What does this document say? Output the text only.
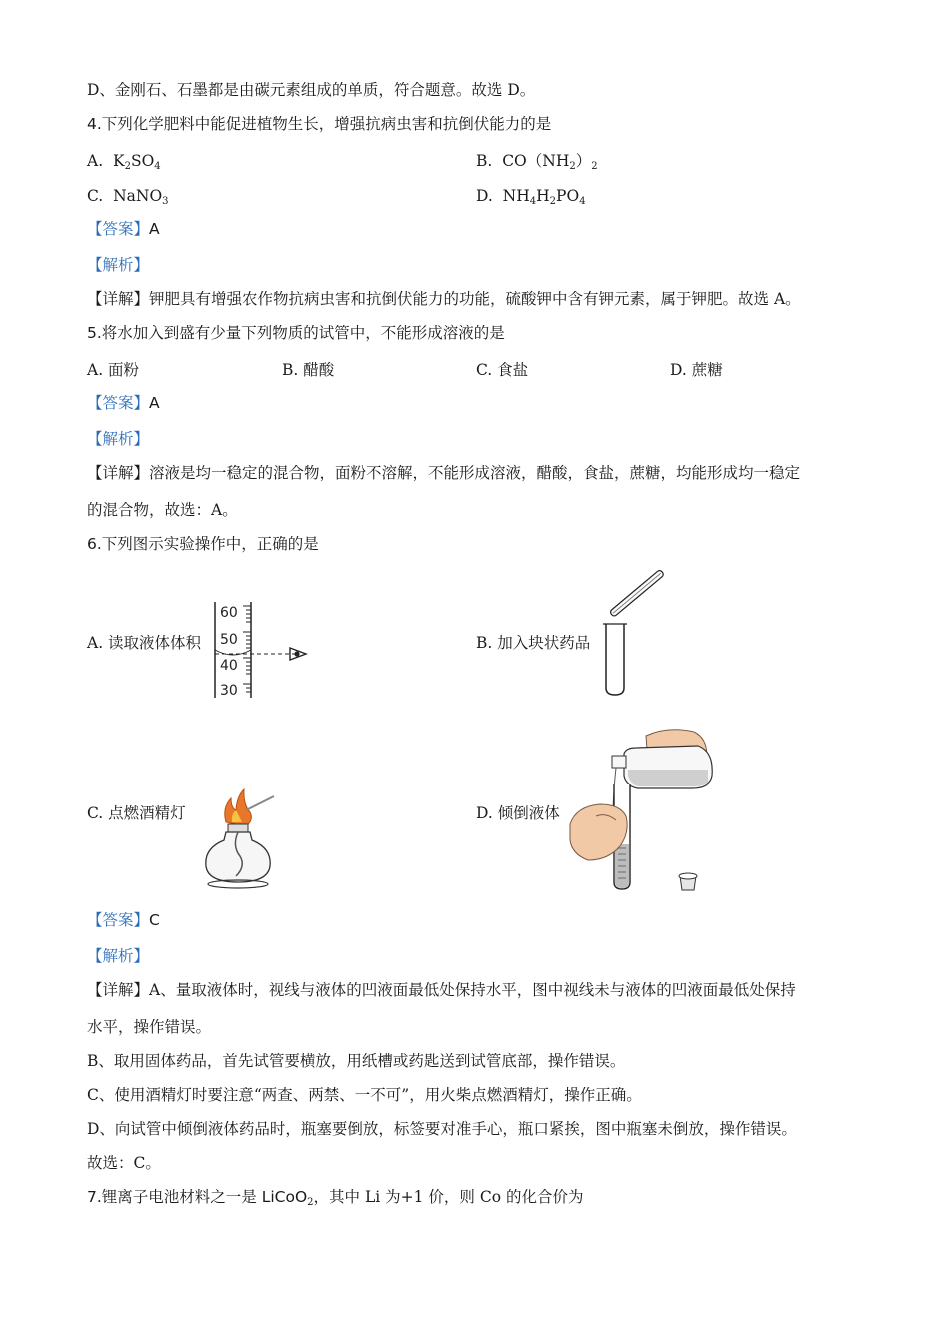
D、金刚石、石墨都是由碳元素组成的单质，符合题意。故选 D。
4.下列化学肥料中能促进植物生长，增强抗病虫害和抗倒伏能力的是
A. $K_2SO_4$	B. $CO(NH_2)_2$
C. NaNO$_3$	D. $NH_4H_2PO_4$
【答案】A
【解析】
【详解】钾肥具有增强农作物抗病虫害和抗倒伏能力的功能，硫酸钾中含有钾元素，属于钾肥。故选 A。
5.将水加入到盛有少量下列物质的试管中，不能形成溶液的是
A. 面粉	B. 醋酸	C. 食盐	D. 蔗糖
【答案】A
【解析】
【详解】溶液是均一稳定的混合物，面粉不溶解，不能形成溶液，醋酸，食盐，蔗糖，均能形成均一稳定
的混合物，故选：A。
6.下列图示实验操作中，正确的是
A. 读取液体体积	B. 加入块状药品
C. 点燃酒精灯	D. 倾倒液体
60
50
40
30
【答案】C
【解析】
【详解】A、量取液体时，视线与液体的凹液面最低处保持水平，图中视线未与液体的凹液面最低处保持
水平，操作错误。
B、取用固体药品，首先试管要横放，用纸槽或药匙送到试管底部，操作错误。
C、使用酒精灯时要注意“两查、两禁、一不可”，用火柴点燃酒精灯，操作正确。
D、向试管中倾倒液体药品时，瓶塞要倒放，标签要对准手心，瓶口紧挨，图中瓶塞未倒放，操作错误。
故选：C。
7.锂离子电池材料之一是 LiCoO$_2$，其中 Li 为+1 价，则 Co 的化合价为
